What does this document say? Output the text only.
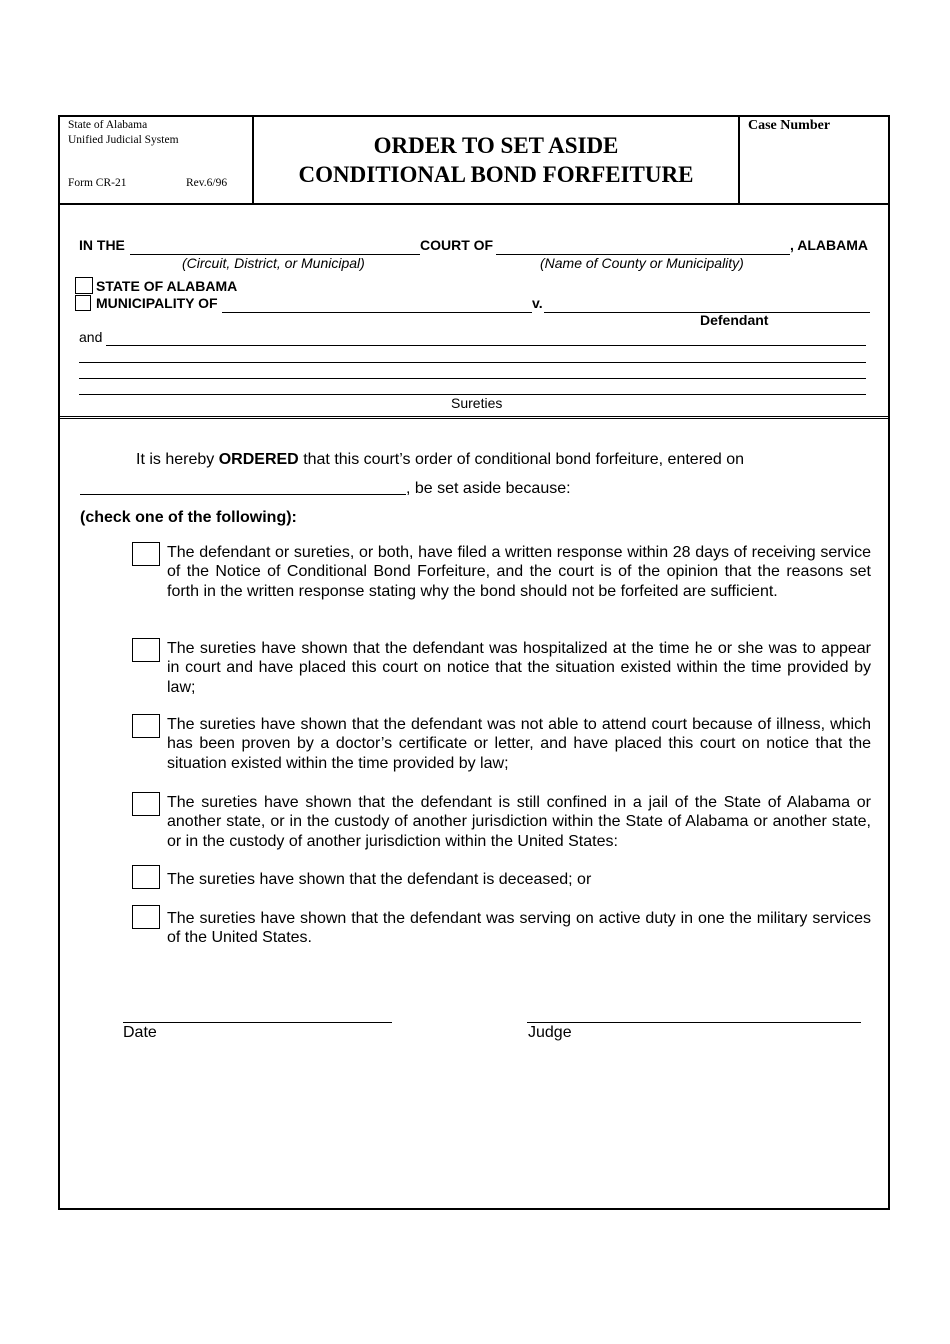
State of Alabama
Unified Judicial System
Form CR-21	Rev.6/96
ORDER TO SET ASIDE
CONDITIONAL BOND FORFEITURE
Case Number
IN THE	COURT OF	, ALABAMA
(Circuit, District, or Municipal)	(Name of County or Municipality)
STATE OF ALABAMA
MUNICIPALITY OF	v.
Defendant
and
Sureties
It is hereby ORDERED that this court’s order of conditional bond forfeiture, entered on
, be set aside because:
(check one of the following):
The defendant or sureties, or both, have filed a written response within 28 days of receiving service of the Notice of Conditional Bond Forfeiture, and the court is of the opinion that the reasons set forth in the written response stating why the bond should not be forfeited are sufficient.
The sureties have shown that the defendant was hospitalized at the time he or she was to appear in court and have placed this court on notice that the situation existed within the time provided by law;
The sureties have shown that the defendant was not able to attend court because of illness, which has been proven by a doctor’s certificate or letter, and have placed this court on notice that the situation existed within the time provided by law;
The sureties have shown that the defendant is still confined in a jail of the State of Alabama or another state, or in the custody of another jurisdiction within the State of Alabama or another state, or in the custody of another jurisdiction within the United States:
The sureties have shown that the defendant is deceased; or
The sureties have shown that the defendant was serving on active duty in one the military services of the United States.
Date	Judge
